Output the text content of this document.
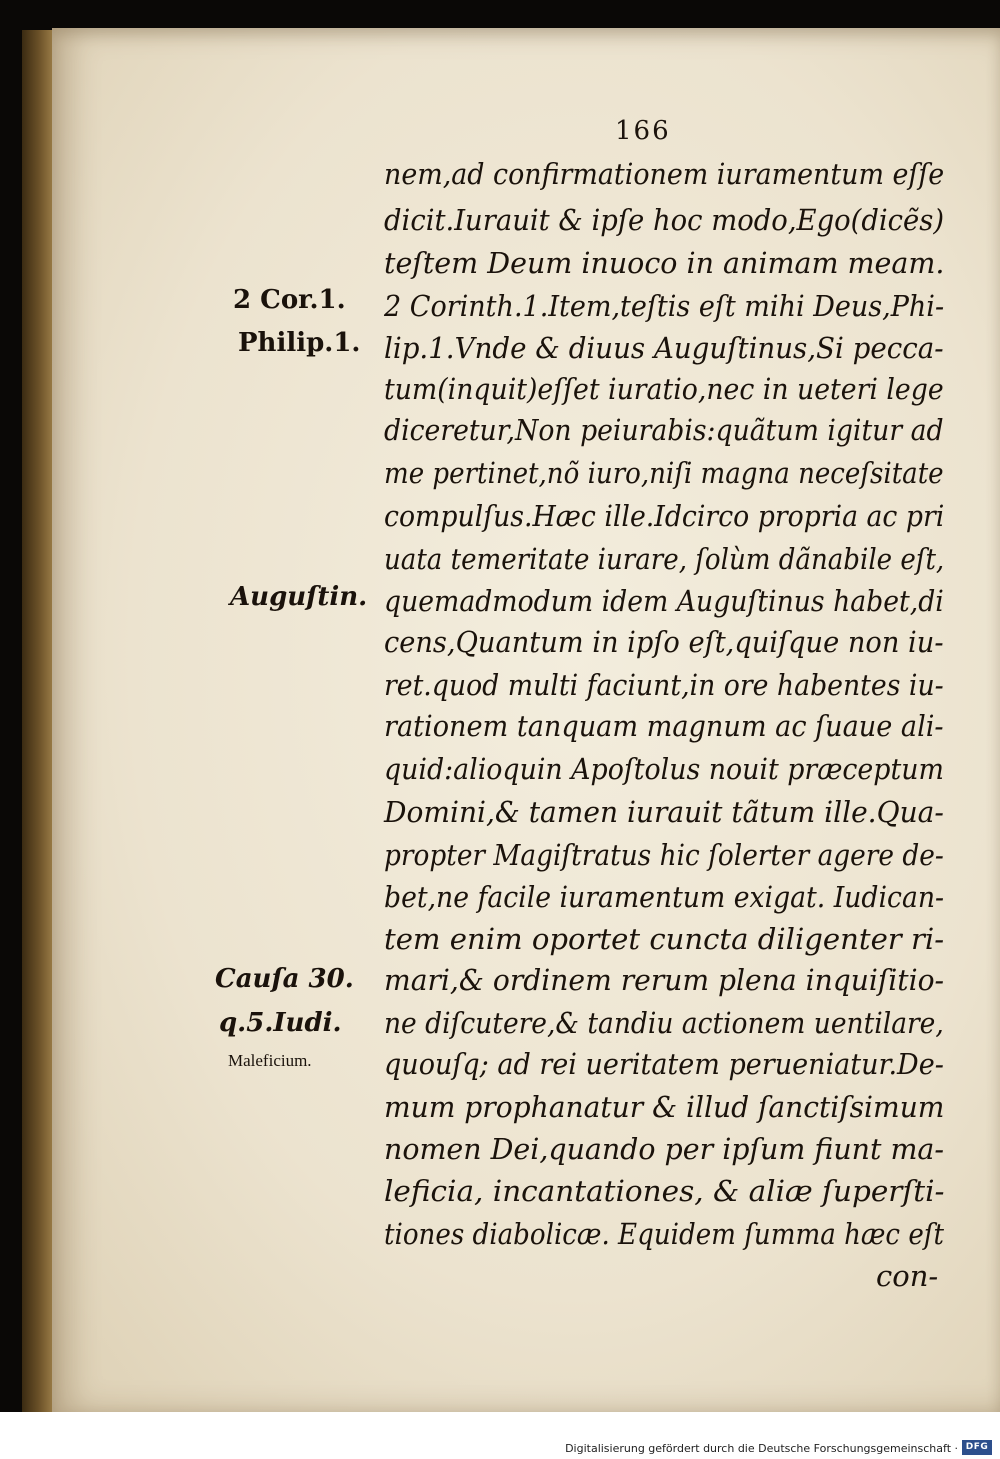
166
nem,ad confirmationem iuramentum eſſe
dicit.Iurauit & ipſe hoc modo,Ego(dicẽs)
teſtem Deum inuoco in animam meam.
2 Corinth.1.Item,teſtis eſt mihi Deus,Phi-
lip.1.Vnde & diuus Auguſtinus,Si pecca-
tum(inquit)eſſet iuratio,nec in ueteri lege
diceretur,Non peiurabis:quãtum igitur ad
me pertinet,nõ iuro,niſi magna neceſsitate
compulſus.Hæc ille.Idcirco propria ac pri
uata temeritate iurare, ſolùm dãnabile eſt,
quemadmodum idem Auguſtinus habet,di
cens,Quantum in ipſo eſt,quiſque non iu-
ret.quod multi faciunt,in ore habentes iu-
rationem tanquam magnum ac ſuaue ali-
quid:alioquin Apoſtolus nouit præceptum
Domini,& tamen iurauit tãtum ille.Qua-
propter Magiſtratus hic ſolerter agere de-
bet,ne facile iuramentum exigat. Iudican-
tem enim oportet cuncta diligenter ri-
mari,& ordinem rerum plena inquiſitio-
ne diſcutere,& tandiu actionem uentilare,
quouſq; ad rei ueritatem perueniatur.De-
mum prophanatur & illud ſanctiſsimum
nomen Dei,quando per ipſum fiunt ma-
leficia, incantationes, & aliæ ſuperſti-
tiones diabolicæ. Equidem ſumma hæc eſt
con-
2 Cor.1.
Philip.1.
Auguſtin.
Cauſa 30.
q.5.Iudi.
Maleficium.
Digitalisierung gefördert durch die Deutsche Forschungsgemeinschaft · DFG
